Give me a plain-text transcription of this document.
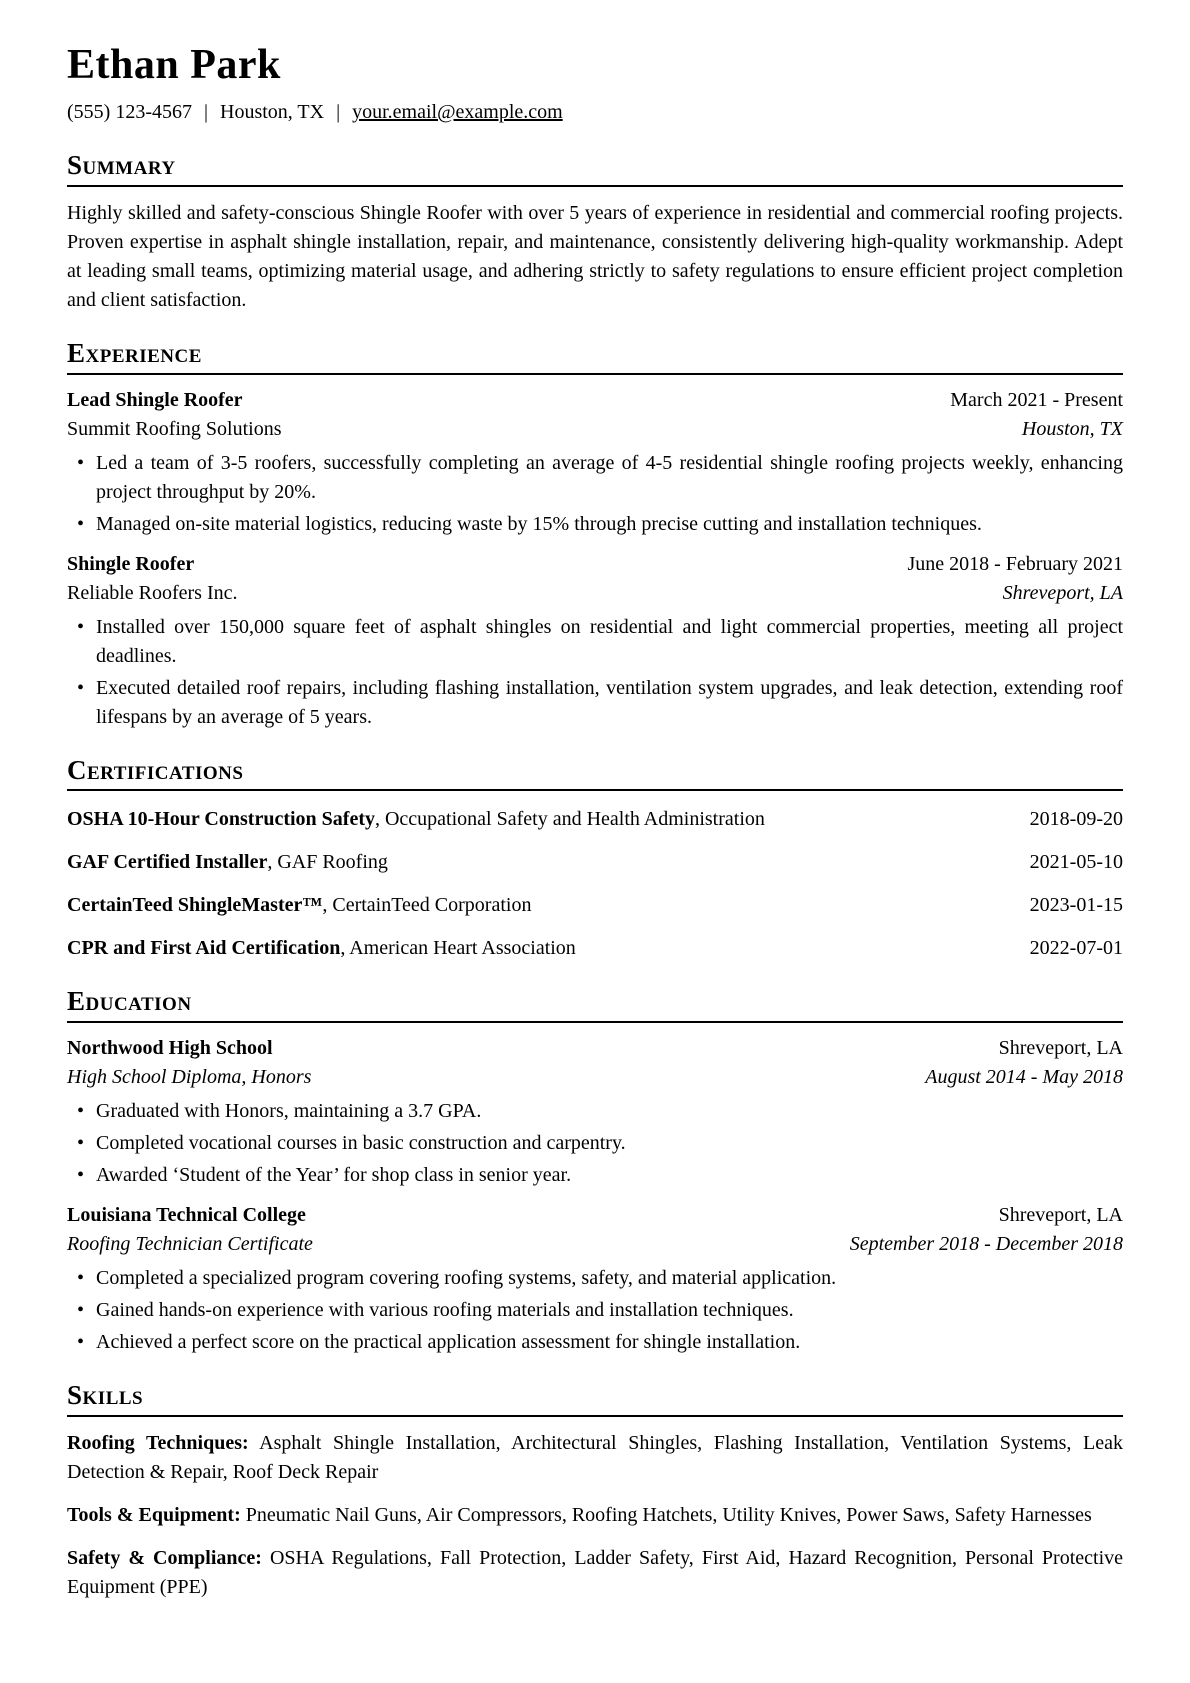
Ethan Park
(555) 123-4567 | Houston, TX | your.email@example.com
Summary

Highly skilled and safety-conscious Shingle Roofer with over 5 years of experience in residential and commercial roofing projects. Proven expertise in asphalt shingle installation, repair, and maintenance, consistently delivering high-quality workmanship. Adept at leading small teams, optimizing material usage, and adhering strictly to safety regulations to ensure efficient project completion and client satisfaction.

Experience
Lead Shingle Roofer	March 2021 - Present
Summit Roofing Solutions	Houston, TX
• Led a team of 3-5 roofers, successfully completing an average of 4-5 residential shingle roofing projects weekly, enhancing project throughput by 20%.
• Managed on-site material logistics, reducing waste by 15% through precise cutting and installation techniques.
Shingle Roofer	June 2018 - February 2021
Reliable Roofers Inc.	Shreveport, LA
• Installed over 150,000 square feet of asphalt shingles on residential and light commercial properties, meeting all project deadlines.
• Executed detailed roof repairs, including flashing installation, ventilation system upgrades, and leak detection, extending roof lifespans by an average of 5 years.
Certifications
OSHA 10-Hour Construction Safety, Occupational Safety and Health Administration	2018-09-20
GAF Certified Installer, GAF Roofing	2021-05-10
CertainTeed ShingleMaster™, CertainTeed Corporation	2023-01-15
CPR and First Aid Certification, American Heart Association	2022-07-01
Education
Northwood High School	Shreveport, LA
High School Diploma, Honors	August 2014 - May 2018
• Graduated with Honors, maintaining a 3.7 GPA.
• Completed vocational courses in basic construction and carpentry.
• Awarded ‘Student of the Year’ for shop class in senior year.
Louisiana Technical College	Shreveport, LA
Roofing Technician Certificate	September 2018 - December 2018
• Completed a specialized program covering roofing systems, safety, and material application.
• Gained hands-on experience with various roofing materials and installation techniques.
• Achieved a perfect score on the practical application assessment for shingle installation.
Skills

Roofing Techniques: Asphalt Shingle Installation, Architectural Shingles, Flashing Installation, Ventilation Systems, Leak Detection & Repair, Roof Deck Repair

Tools & Equipment: Pneumatic Nail Guns, Air Compressors, Roofing Hatchets, Utility Knives, Power Saws, Safety Harnesses

Safety & Compliance: OSHA Regulations, Fall Protection, Ladder Safety, First Aid, Hazard Recognition, Personal Protective Equipment (PPE)
